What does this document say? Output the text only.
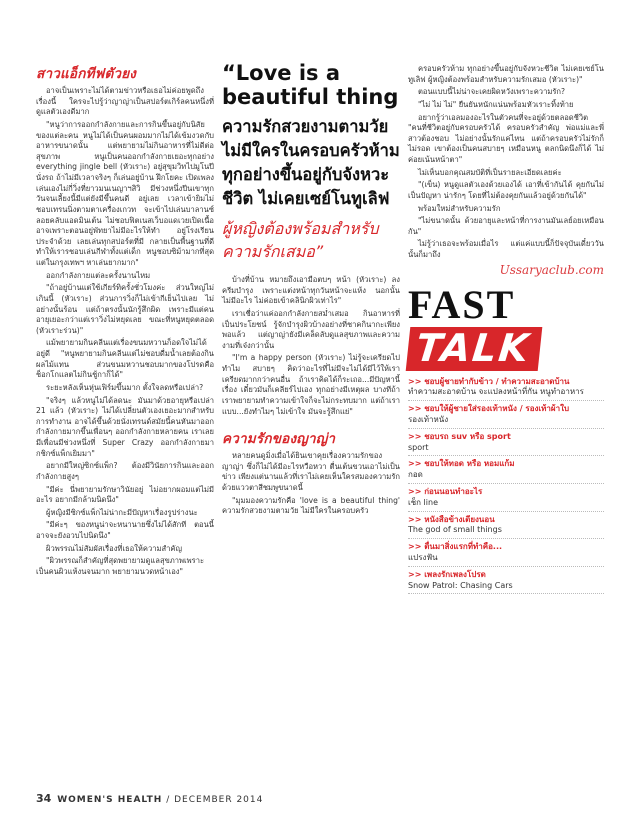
สาวแอ็กทีฟตัวยง

อาจเป็นเพราะไม่ได้ตามข่าวหรือเธอไม่ค่อยพูดถึงเรื่องนี้ ใครจะไปรู้ว่าญาญ่าเป็นสปอร์ตเกิร์ลคนหนึ่งที่ดูแลตัวเองดีมาก

"หนูว่าการออกกำลังกายและการกินขึ้นอยู่กับนิสัยของแต่ละคน หนูไม่ได้เป็นคนผอมมากไม่ได้เข้มงวดกับอาหารขนาดนั้น แต่พยายามไม่กินอาหารที่ไม่ดีต่อสุขภาพ หนูเป็นคนออกกำลังกายเยอะทุกอย่าง everything jingle bell (หัวเราะ) อยู่สุขุมวิทไปมูโนปีนั่งรถ ถ้าไม่มีเวลาจริงๆ ก็เล่นอยู่บ้าน ฝึกโยคะ เปิดเพลง เล่นเองไม่กี่วิ่งที่ยาวมนเนญาฯสิวิ มีช่วงหนึ่งปีนเขาทุกวันจนเลี้ยงนี้มีแต่ยังมีขึ้นคนดี อยู่เลย เวลาเข้ายิมไม่ชอบเทรนนิ่งตามตาเครื่องเกวท จะเข้าไปเล่นบาลานซ์ลอยคลับแอดมินเต้น ไม่ชอบฟิตเนสเว็บอแดเวยเปิดเนื้อ อาจเพราะตอนอยู่พัทยาไม่มีอะไรให้ทำ อยู่โรงเรียนประจำด้วย เลยเล่นทุกสปอร์ตที่มี กลายเป็นพื้นฐานที่ดี ทำให้เรารชอบเล่นกีฬาทั้งแต่เด็ก หนูชอบซิม้ามากที่สุดแต่ในกรุงเทพฯ หาเล่นยากมาก"

ออกกำลังกายแต่ละครั้งนานไหม

"ถ้าอยู่บ้านแต่ใช้เกียร์ทิครั้งชั่วโมงค่ะ ส่วนใหญ่ไม่เกินนี้ (หัวเราะ) ส่วนการวิ่งก็ไม่เข้ากีเย็นไปเลย ไม่อย่างนั้นร้อน แต่ถ้าตรงนั้นนักรู้สึกผิด เพราะมีแต่คนอายุเยอะกว่าแต่เราวิ่งไม่หยุดเลย ขณะที่หนูหยุดตลอด (หัวเราะร่วน)"

แม้พยายามกินคลีนแต่เรื่องขนมหวานก็อดใจไม่ได้อยู่ดี "หนูพยายามกินคลีนแต่ไม่ชอบดื่มน้ำเลยต้องกินผลไม้แทน ส่วนขนมหวานชอบมากของโปรดคือช็อกโกแลตไม่กินชู้กาก็ได้"

ระยะหลังเห็นหุ่นเฟิร์มขึ้นมาก ตั้งใจลดหรือเปล่า?

"จริงๆ แล้วหนูไม่ได้ลดนะ มันมาด้วยอายุหรือเปล่า 21 แล้ว (หัวเราะ) ไม่ได้เปลี่ยนตัวเองเยอะมากสำหรับการทำงาน อาจได้ขึ้นด้วยนั่งเทรนด์สมัยนี้คนหันมาออกกำลังกายมากขึ้นเพื่อนๆ ออกกำลังกายหลายคน เราเลยมีเพื่อนมีช่วงหนึ่งที่ Super Crazy ออกกำลังกายมากชิกซ์แพ็กเยิมมา"

อยากมีใหญ่ซิกซ์แพ็ก? ต้องมีวินัยการกินและออกกำลังกายสูงๆ

"มีค่ะ นี่พยายามรักษาวินัยอยู่ ไม่อยากผอมแต่ไม่มีอะไร อยากมีกล้ามนิดนึง"

ผู้หญิงมีซิกซ์แพ็กไม่น่ากะมีปัญหาเรื่องรูปร่างนะ

"มีค่ะๆ ของหนูน่าจะหนานายซึ่งไม่ได้สักที ตอนนี้อาจจะยังอวบไปนิดนึง"

ผิวพรรณไม่สัมผัสเรื่องที่เธอให้ความสำคัญ

"ผิวพรรณก็สำคัญที่สุดพยายามดูแลสุขภาพเพราะเป็นคนผิวแห้งนจนมาก พยายามนวดหน้าเอง"

“Love is a beautiful thing

ความรักสวยงามตามวัย ไม่มีใครในครอบครัวห้ามทุกอย่างขึ้นอยู่กับจังหวะชีวิต ไม่เคยเซย์โนทูเลิฟ

ผู้หญิงต้องพร้อมสำหรับความรักเสมอ”

บ้างที่บ้าน หมายถึงเอามือตบๆ หน้า (หัวเราะ) ลงครีมบำรุง เพราะแต่งหน้าทุกวันหน้าจะแห้ง นอกนั้นไม่มีอะไร ไม่ค่อยเข้าคลินิกผิวเท่าไร"

เราเชื่อว่าแค่ออกกำลังกายสม่ำเสมอ กินอาหารที่เป็นประโยชน์ รู้จักบำรุงผิวบ้างอย่างที่ชาคกินากะเพียงพอแล้ว แต่ญาญ่ายังมีเคล็ดลับดูแลสุขภาพและความงามที่เจ๋งกว่านั้น

"I'm a happy person (หัวเราะ) ไม่รู้จะเครียดไปทำไม สบายๆ คิดว่าอะไรที่ไม่มีจะไม่ได้มีไว้ให้เราเครียดมากกว่าคนอื่น ถ้าเราคิดได้ก็ระเถอ...มีปัญหานี้เรื่อง เดี๋ยวมันก็เคลียร์ไปเอง ทุกอย่างมีเหตุผล บางทีถ้าเราพยายามทำความเข้าใจก็จะไม่กระทบมาก แต่ถ้าเราแบบ...ยังทำไมๆ ไม่เข้าใจ มันจะรู้สึกแย่"

ความรักของญาญ่า

หลายคนดูมิ่งเมื่อได้ยินเขาคุยเรื่องความรักของญาญ่า ซึ่งก็ไม่ได้มีอะไรหวือหวา ตื่นเต้นขวนเอาไม่เป็นข่าว เพียงแต่นานแล้วที่เราไม่เคยเห็นใครสมองความรักด้วยแววตาสีชมพูขนาดนี้

"มุมมองความรักคือ 'love is a beautiful thing' ความรักสวยงามตามวัย ไม่มีใครในครอบครัว

ครอบครัวห้าม ทุกอย่างขึ้นอยู่กับจังหวะชีวิต ไม่เคยเซย์โนทูเลิฟ ผู้หญิงต้องพร้อมสำหรับความรักเสมอ (หัวเราะ)"

ตอนแบบนี้ไม่น่าจะเคยผิดหวังเพราะความรัก?

"ไม่ ไม่ ไม่" ยืนยันหนักแน่นพร้อมหัวเราะทิ้งท้าย

อยากรู้ว่าเอลมองอะไรในตัวคนที่จะอยู่ด้วยตลอดชีวิต "คนที่ชีวิตอยู่กับครอบครัวได้ ครอบครัวสำคัญ พ่อแม่และพี่สาวต้องชอบ ไม่อย่างนั้นรักแค่ไหน แต่ถ้าครอบครัวไม่รักก็ไม่รอด เขาต้องเป็นคนสบายๆ เหมือนหนู ตลกนิดนึงก็ได้ ไม่ค่อยเน้นหน้าตา"

ไม่เห็นบอกคุณสมบัติที่เป็นรายละเอียดเลยค่ะ

"(เข็น) หนูดูแลตัวเองด้วยเองได้ เอาที่เข้ากันได้ คุยกันไม่เป็นปัญหา น่ารักๆ โดยที่ไม่ต้องคุยกันแล้วอยู่ด้วยกันได้"

พร้อมใหม่สำหรับความรัก

"ไม่ขนาดนั้น ด้วยอายุและหน้าที่การงานมันเลย์อยเหมือนกัน"

ไม่รู้ว่าเธอจะพร้อมเมื่อไร แต่แค่แบบนี้ก็ปัจจุบันเดี๋ยววันนั้นก็มาถึง

Ussaryaclub.com

FAST
TALK

>> ชอบผู้ชายทำกับข้าว / ทำความสะอาดบ้าน

ทำความสะอาดบ้าน จะแปลงหน้าที่กัน หนูทำอาหาร

>> ชอบให้ผู้ชายใส่รองเท้าหนัง / รองเท้าผ้าใบ

รองเท้าหนัง

>> ชอบรถ suv หรือ sport

sport

>> ชอบให้ทอด หรือ หอมแก้ม

กอด

>> ก่อนนอนทำอะไร

เช็ก line

>> หนังสือข้างเตียงนอน

The god of small things

>> ตื่นมาสิ่งแรกที่ทำคือ...

แปรงฟัน

>> เพลงรักเพลงโปรด

Snow Patrol: Chasing Cars

34 WOMEN'S HEALTH / DECEMBER 2014
